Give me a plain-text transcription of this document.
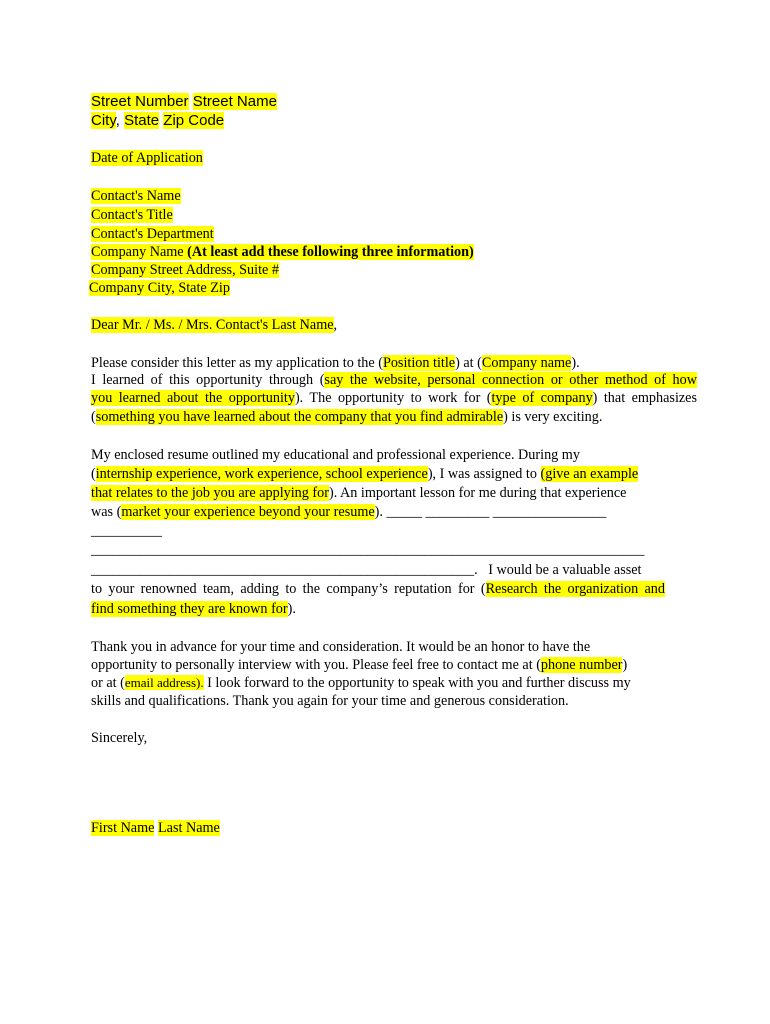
Street Number Street Name
City, State Zip Code
Date of Application
Contact's Name
Contact's Title
Contact's Department
Company Name (At least add these following three information)
Company Street Address, Suite #
Company City, State Zip
Dear Mr. / Ms. / Mrs. Contact's Last Name,
Please consider this letter as my application to the (Position title) at (Company name).
I learned of this opportunity through (say the website, personal connection or other method of how
you learned about the opportunity). The opportunity to work for (type of company) that emphasizes
(something you have learned about the company that you find admirable) is very exciting.
My enclosed resume outlined my educational and professional experience. During my
(internship experience, work experience, school experience), I was assigned to (give an example
that relates to the job you are applying for). An important lesson for me during that experience
was (market your experience beyond your resume). _____ _________ ________________
__________
______________________________________________________________________________
______________________________________________________.   I would be a valuable asset
to your renowned team, adding to the company’s reputation for (Research the organization and
find something they are known for).
Thank you in advance for your time and consideration. It would be an honor to have the
opportunity to personally interview with you. Please feel free to contact me at (phone number)
or at (email address). I look forward to the opportunity to speak with you and further discuss my
skills and qualifications. Thank you again for your time and generous consideration.
Sincerely,
First Name Last Name
